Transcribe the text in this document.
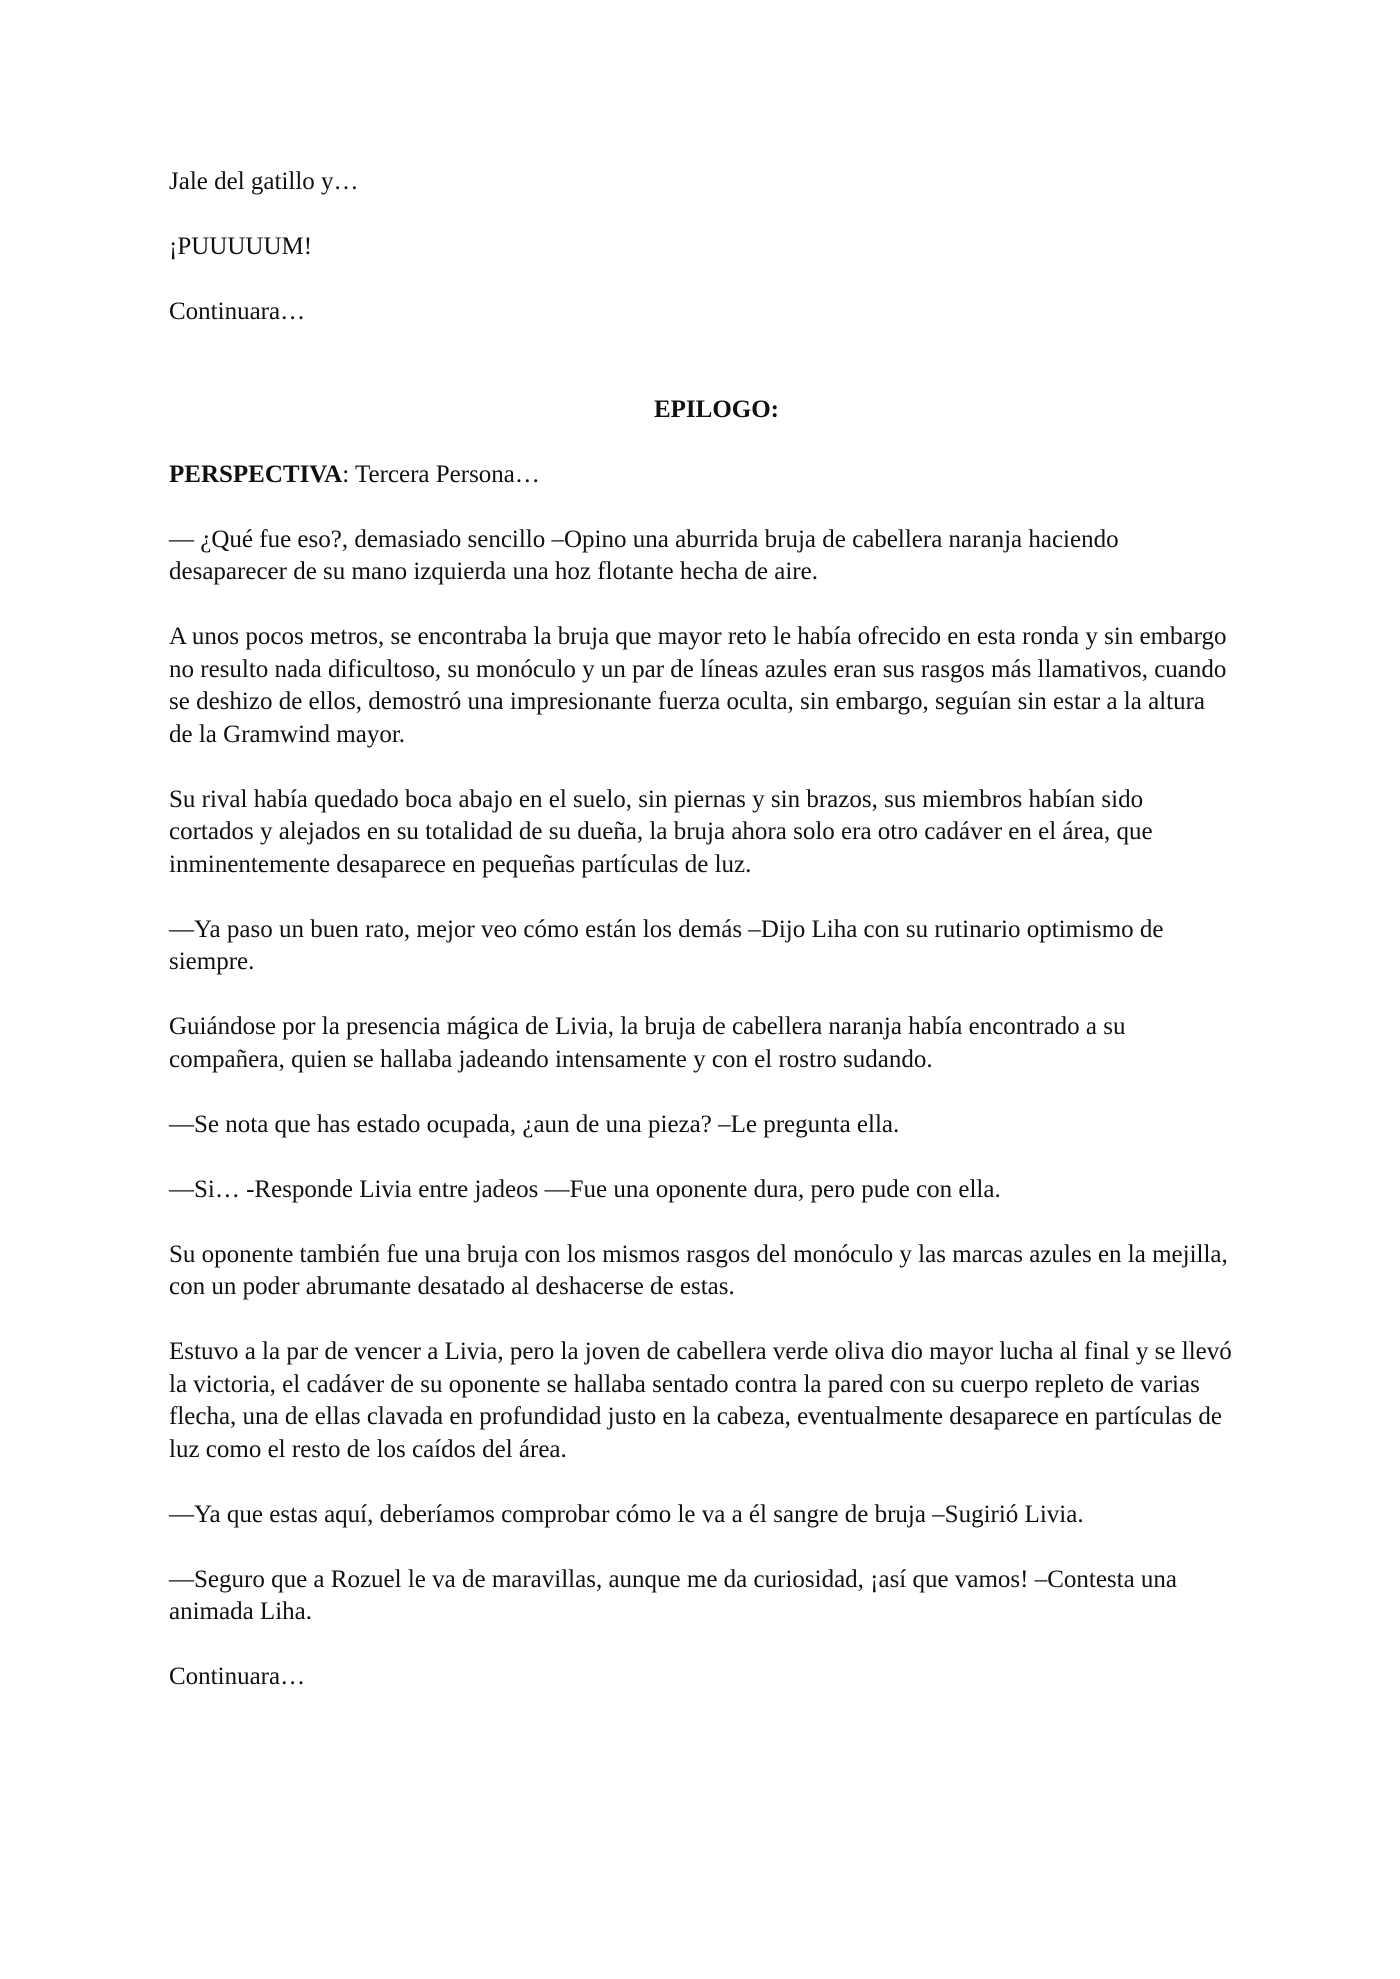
Jale del gatillo y…

¡PUUUUUM!

Continuara…

EPILOGO:

PERSPECTIVA: Tercera Persona…

— ¿Qué fue eso?, demasiado sencillo –Opino una aburrida bruja de cabellera naranja haciendo desaparecer de su mano izquierda una hoz flotante hecha de aire.

A unos pocos metros, se encontraba la bruja que mayor reto le había ofrecido en esta ronda y sin embargo no resulto nada dificultoso, su monóculo y un par de líneas azules eran sus rasgos más llamativos, cuando se deshizo de ellos, demostró una impresionante fuerza oculta, sin embargo, seguían sin estar a la altura de la Gramwind mayor.

Su rival había quedado boca abajo en el suelo, sin piernas y sin brazos, sus miembros habían sido cortados y alejados en su totalidad de su dueña, la bruja ahora solo era otro cadáver en el área, que inminentemente desaparece en pequeñas partículas de luz.

—Ya paso un buen rato, mejor veo cómo están los demás –Dijo Liha con su rutinario optimismo de siempre.

Guiándose por la presencia mágica de Livia, la bruja de cabellera naranja había encontrado a su compañera, quien se hallaba jadeando intensamente y con el rostro sudando.

—Se nota que has estado ocupada, ¿aun de una pieza? –Le pregunta ella.

—Si… -Responde Livia entre jadeos —Fue una oponente dura, pero pude con ella.

Su oponente también fue una bruja con los mismos rasgos del monóculo y las marcas azules en la mejilla, con un poder abrumante desatado al deshacerse de estas.

Estuvo a la par de vencer a Livia, pero la joven de cabellera verde oliva dio mayor lucha al final y se llevó la victoria, el cadáver de su oponente se hallaba sentado contra la pared con su cuerpo repleto de varias flecha, una de ellas clavada en profundidad justo en la cabeza, eventualmente desaparece en partículas de luz como el resto de los caídos del área.

—Ya que estas aquí, deberíamos comprobar cómo le va a él sangre de bruja –Sugirió Livia.

—Seguro que a Rozuel le va de maravillas, aunque me da curiosidad, ¡así que vamos! –Contesta una animada Liha.

Continuara…
